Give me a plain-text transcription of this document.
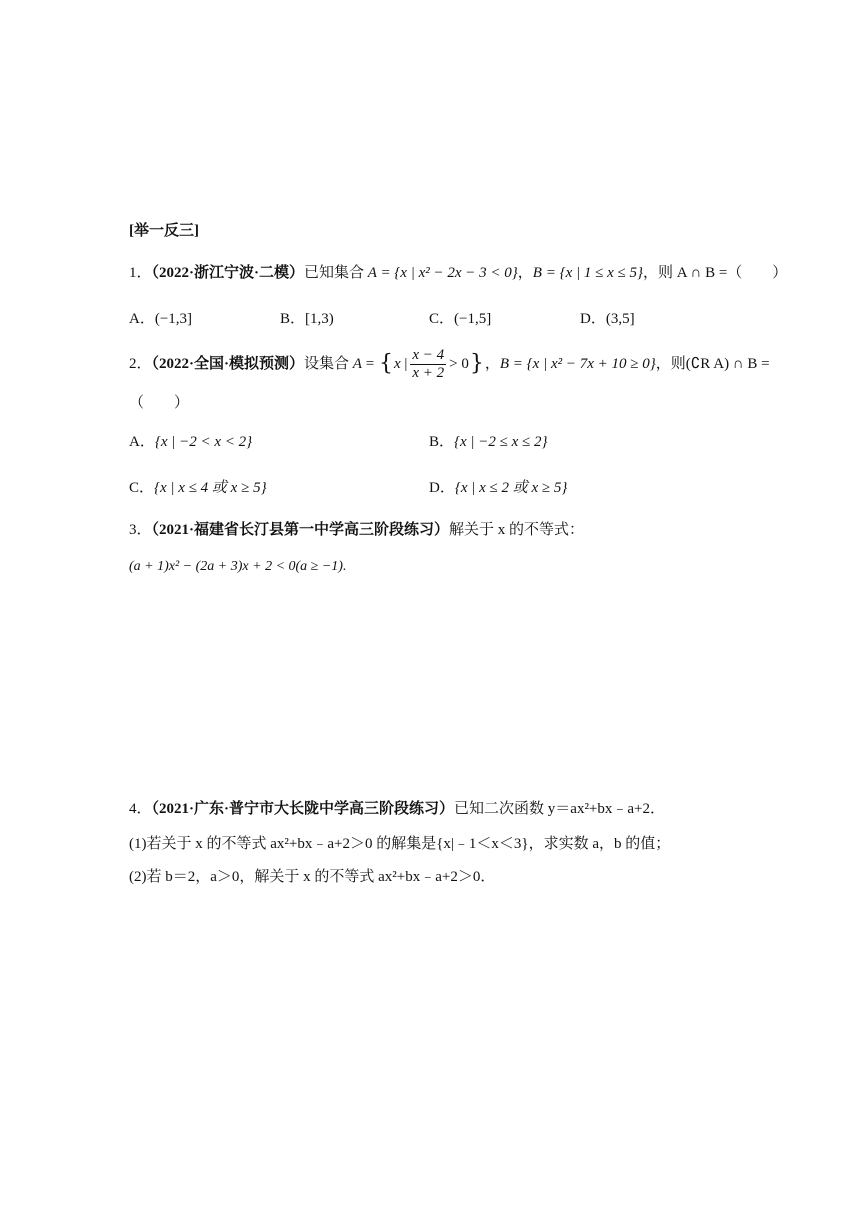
[举一反三]
1．（2022·浙江宁波·二模）已知集合 A = {x | x² − 2x − 3 < 0}，B = {x | 1 ≤ x ≤ 5}，则 A ∩ B =（　　）
A．(−1,3]	B．[1,3)	C．(−1,5]	D．(3,5]
2．（2022·全国·模拟预测）设集合 A = {x | $\frac{x - 4}{x + 2} > 0$}，B = {x | x² − 7x + 10 ≥ 0}，则(∁R A) ∩ B =
（　　）
A．{x | −2 < x < 2}	B．{x | −2 ≤ x ≤ 2}
C．{x | x ≤ 4 或 x ≥ 5}	D．{x | x ≤ 2 或 x ≥ 5}
3．（2021·福建省长汀县第一中学高三阶段练习）解关于 x 的不等式：
(a + 1)x² − (2a + 3)x + 2 < 0(a ≥ −1).
4．（2021·广东·普宁市大长陇中学高三阶段练习）已知二次函数 y＝ax²+bx﹣a+2．
(1)若关于 x 的不等式 ax²+bx﹣a+2＞0 的解集是{x|﹣1＜x＜3}，求实数 a，b 的值；
(2)若 b＝2，a＞0，解关于 x 的不等式 ax²+bx﹣a+2＞0．
